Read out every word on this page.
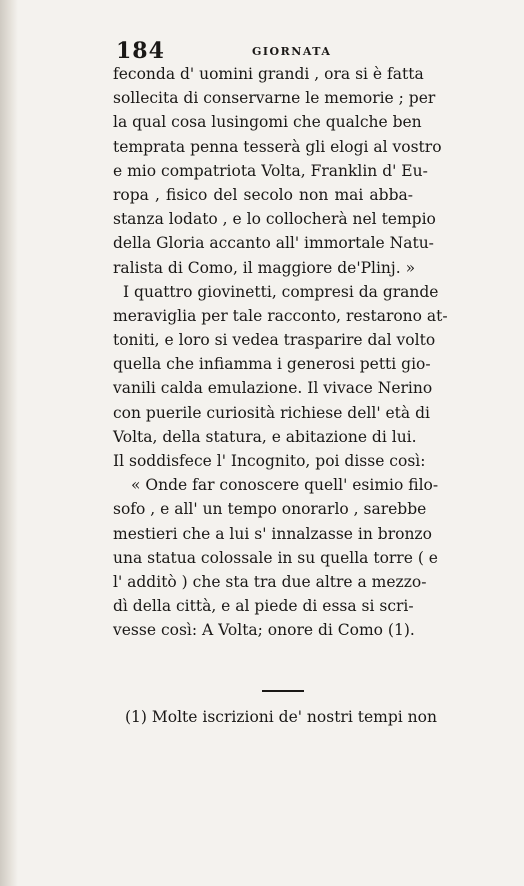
184	GIORNATA
feconda d' uomini grandi , ora si è fatta
sollecita di conservarne le memorie ; per
la qual cosa lusingomi che qualche ben
temprata penna tesserà gli elogi al vostro
e mio compatriota Volta, Franklin d' Eu-
ropa , fisico del secolo non mai abba-
stanza lodato , e lo collocherà nel tempio
della Gloria accanto all' immortale Natu-
ralista di Como, il maggiore de'Plinj. »
I quattro giovinetti, compresi da grande
meraviglia per tale racconto, restarono at-
toniti, e loro si vedea trasparire dal volto
quella che infiamma i generosi petti gio-
vanili calda emulazione. Il vivace Nerino
con puerile curiosità richiese dell' età di
Volta, della statura, e abitazione di lui.
Il soddisfece l' Incognito, poi disse così:
« Onde far conoscere quell' esimio filo-
sofo , e all' un tempo onorarlo , sarebbe
mestieri che a lui s' innalzasse in bronzo
una statua colossale in su quella torre ( e
l' additò ) che sta tra due altre a mezzo-
dì della città, e al piede di essa si scri-
vesse così: A Volta; onore di Como (1).
(1) Molte iscrizioni de' nostri tempi non
